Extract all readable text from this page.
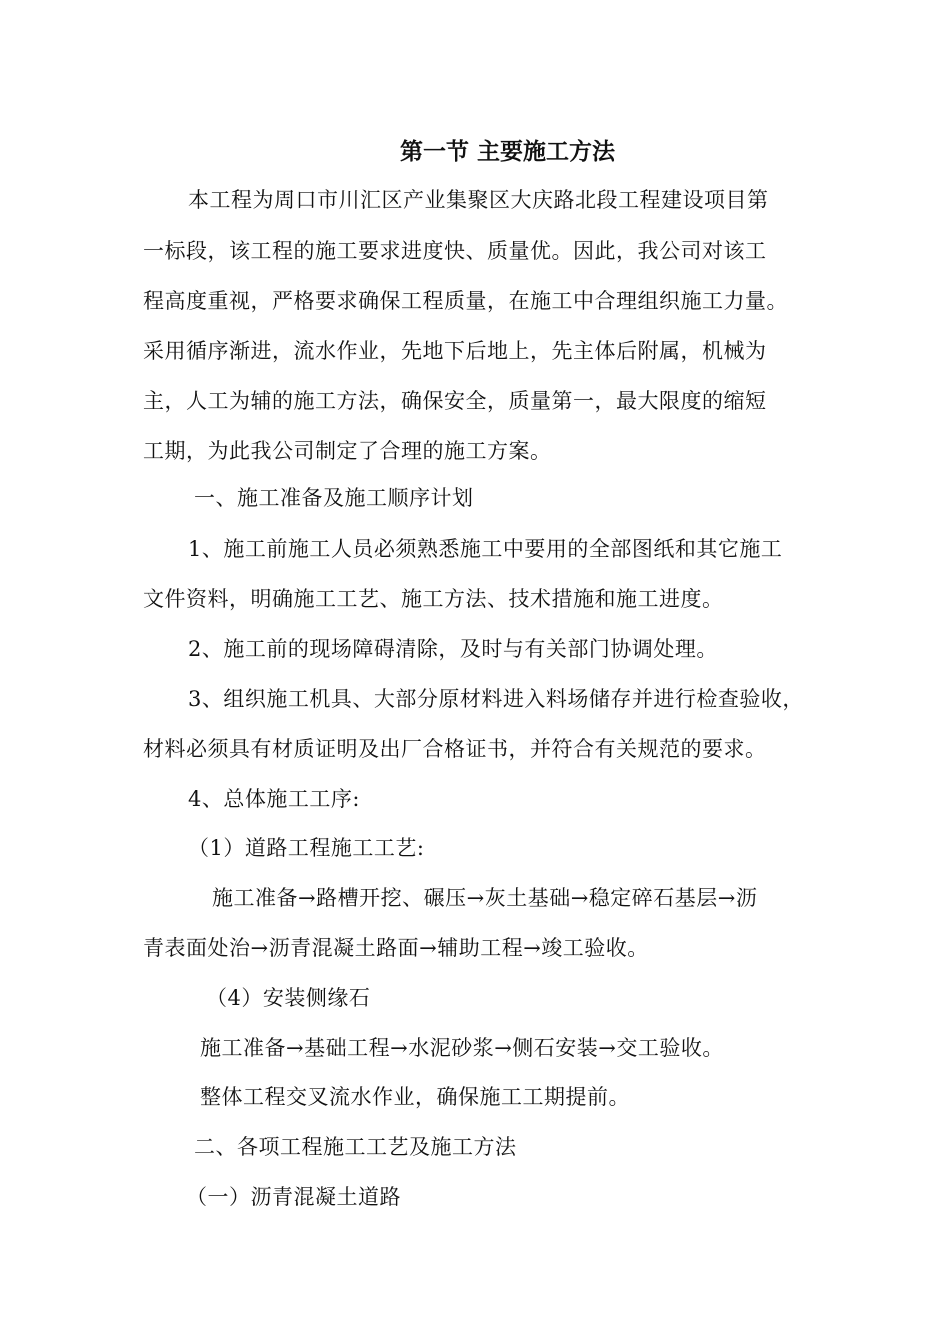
第一节 主要施工方法
本工程为周口市川汇区产业集聚区大庆路北段工程建设项目第
一标段，该工程的施工要求进度快、质量优。因此，我公司对该工
程高度重视，严格要求确保工程质量，在施工中合理组织施工力量。
采用循序渐进，流水作业，先地下后地上，先主体后附属，机械为
主，人工为辅的施工方法，确保安全，质量第一，最大限度的缩短
工期，为此我公司制定了合理的施工方案。
一、施工准备及施工顺序计划
1、施工前施工人员必须熟悉施工中要用的全部图纸和其它施工
文件资料，明确施工工艺、施工方法、技术措施和施工进度。
2、施工前的现场障碍清除，及时与有关部门协调处理。
3、组织施工机具、大部分原材料进入料场储存并进行检查验收，
材料必须具有材质证明及出厂合格证书，并符合有关规范的要求。
4、总体施工工序:
（1）道路工程施工工艺:
施工准备→路槽开挖、碾压→灰土基础→稳定碎石基层→沥
青表面处治→沥青混凝土路面→辅助工程→竣工验收。
（4）安装侧缘石
施工准备→基础工程→水泥砂浆→侧石安装→交工验收。
整体工程交叉流水作业，确保施工工期提前。
二、各项工程施工工艺及施工方法
（一）沥青混凝土道路
